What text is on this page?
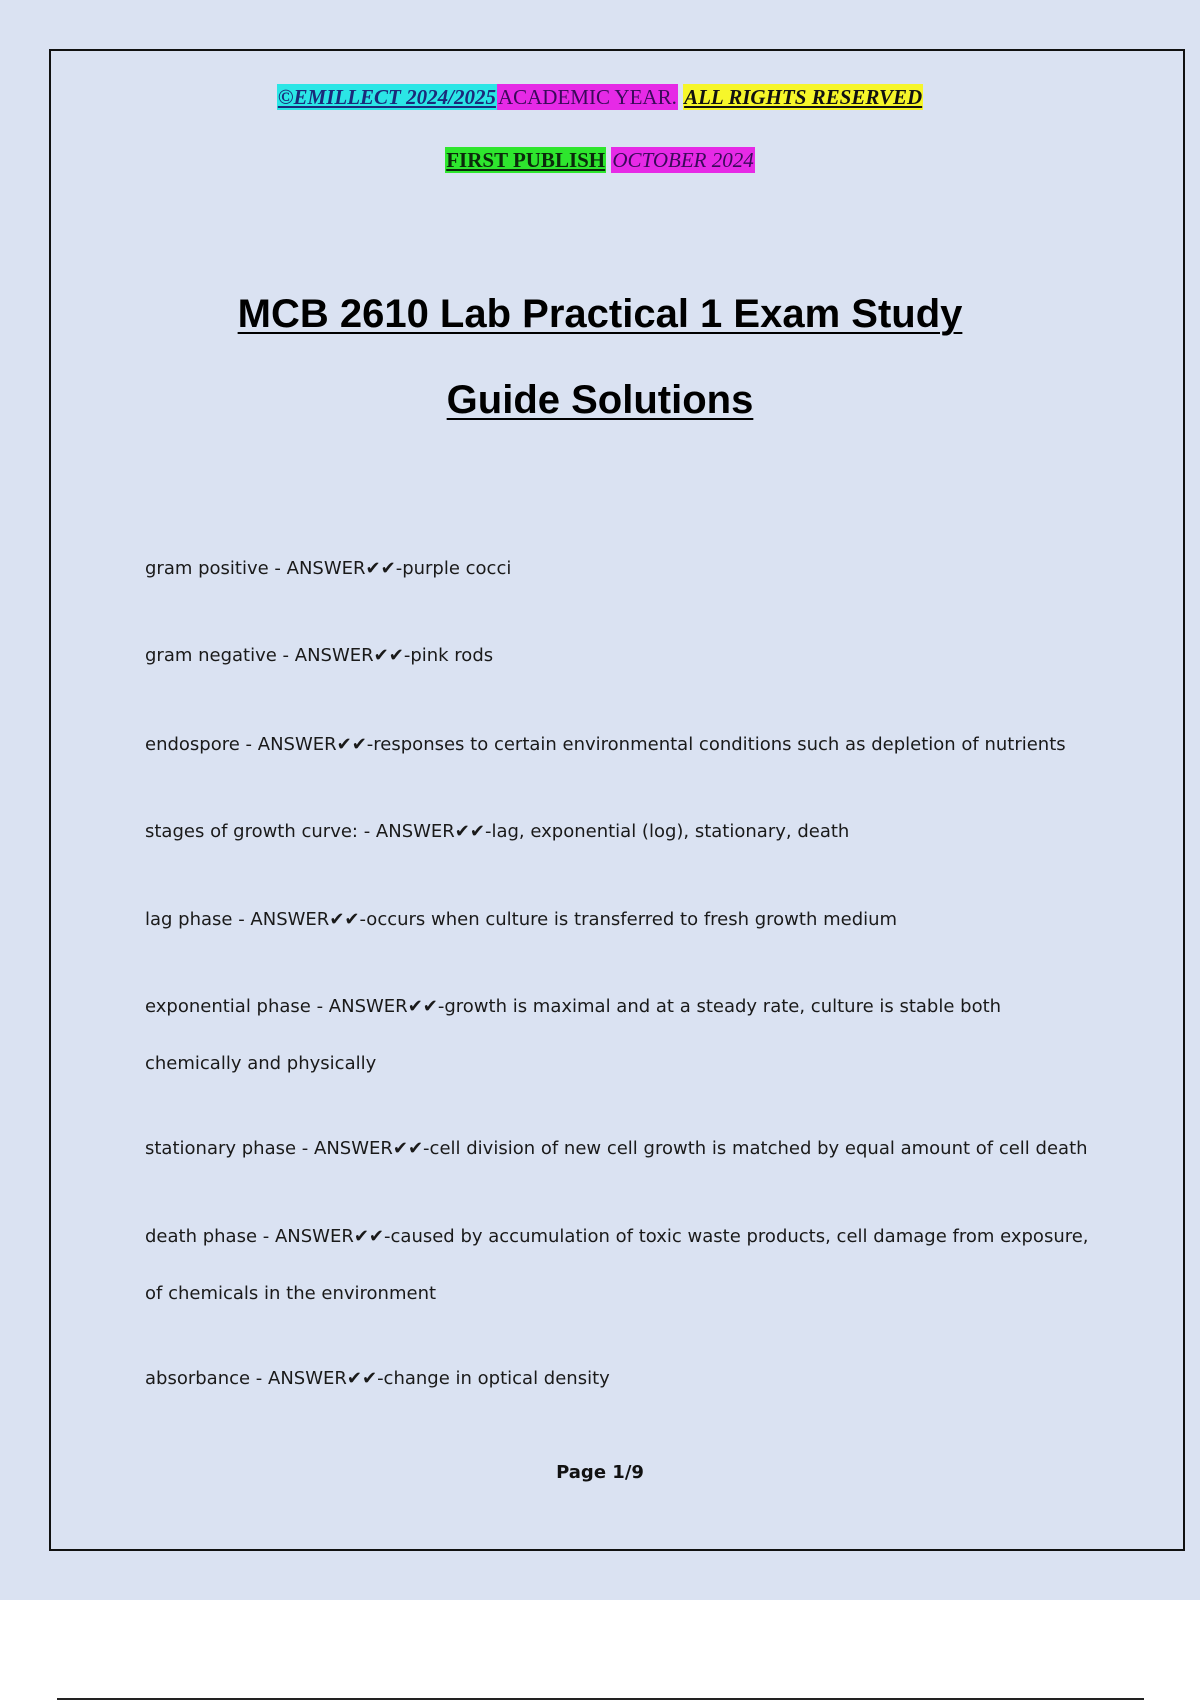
©EMILLECT 2024/2025ACADEMIC YEAR. ALL RIGHTS RESERVED
FIRST PUBLISH OCTOBER 2024
MCB 2610 Lab Practical 1 Exam Study
Guide Solutions
gram positive - ANSWER✔✔-purple cocci
gram negative - ANSWER✔✔-pink rods
endospore - ANSWER✔✔-responses to certain environmental conditions such as depletion of nutrients
stages of growth curve: - ANSWER✔✔-lag, exponential (log), stationary, death
lag phase - ANSWER✔✔-occurs when culture is transferred to fresh growth medium
exponential phase - ANSWER✔✔-growth is maximal and at a steady rate, culture is stable both chemically and physically
stationary phase - ANSWER✔✔-cell division of new cell growth is matched by equal amount of cell death
death phase - ANSWER✔✔-caused by accumulation of toxic waste products, cell damage from exposure, of chemicals in the environment
absorbance - ANSWER✔✔-change in optical density
Page 1/9
